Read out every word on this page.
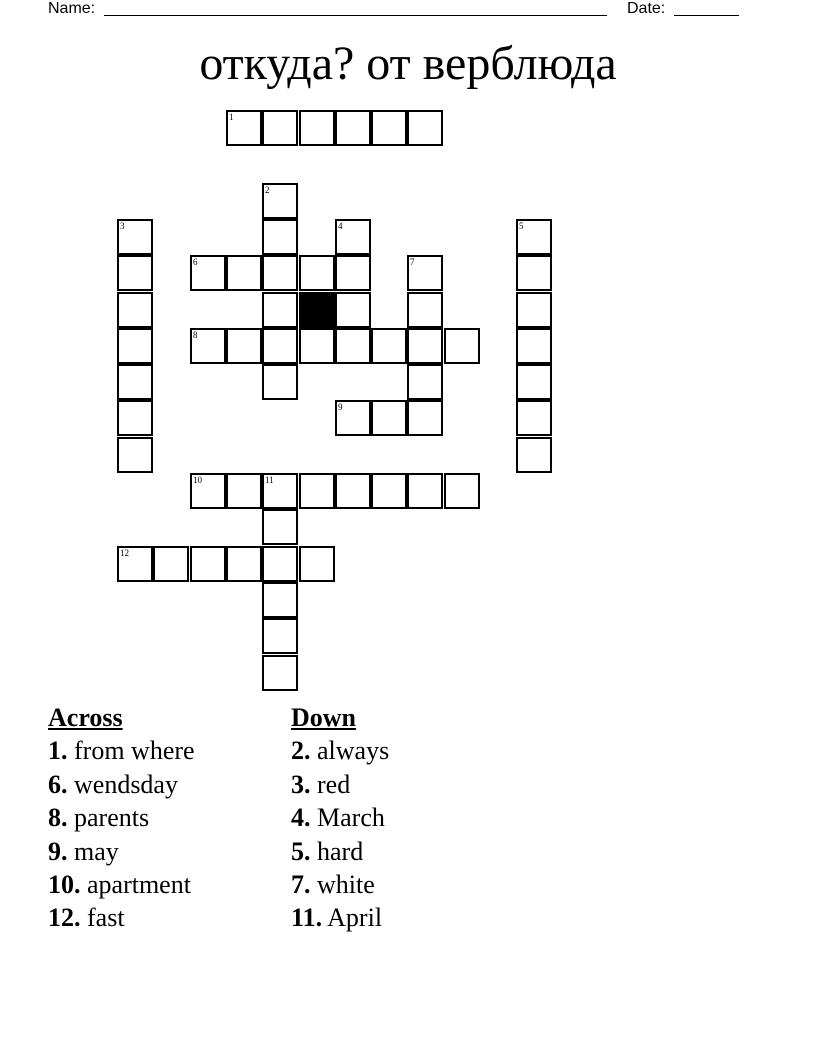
Name:	Date:
откуда? от верблюда
1
2
3	4	5
6	7
8
9
10	11
12
Across
1. from where
6. wendsday
8. parents
9. may
10. apartment
12. fast
Down
2. always
3. red
4. March
5. hard
7. white
11. April
